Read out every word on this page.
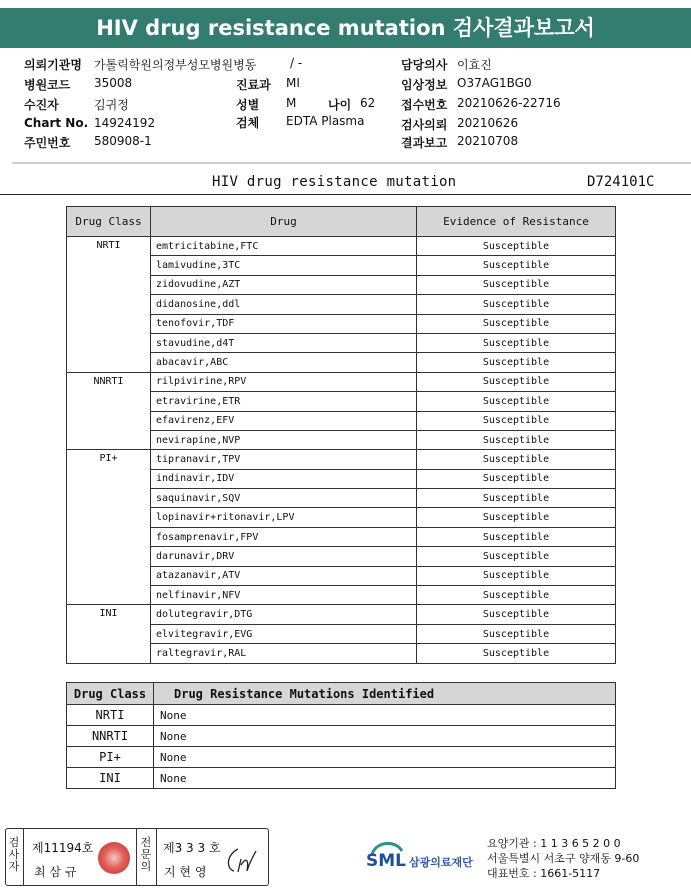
HIV drug resistance mutation 검사결과보고서
의뢰기관명 가톨릭학원의정부성모병원병동	/ -	담당의사 이효진
병원코드 35008	진료과 MI	임상정보 O37AG1BG0
수진자	김귀정	성별 M	나이 62 접수번호 20210626-22716
Chart No. 14924192	검체 EDTA Plasma	검사의뢰 20210626
주민번호 580908-1	결과보고 20210708
HIV drug resistance mutation	D724101C
Drug Class	Drug	Evidence of Resistance
NRTI	emtricitabine,FTC	Susceptible
	lamivudine,3TC	Susceptible
	zidovudine,AZT	Susceptible
	didanosine,ddl	Susceptible
	tenofovir,TDF	Susceptible
	stavudine,d4T	Susceptible
	abacavir,ABC	Susceptible
NNRTI	rilpivirine,RPV	Susceptible
	etravirine,ETR	Susceptible
	efavirenz,EFV	Susceptible
	nevirapine,NVP	Susceptible
PI+	tipranavir,TPV	Susceptible
	indinavir,IDV	Susceptible
	saquinavir,SQV	Susceptible
	lopinavir+ritonavir,LPV	Susceptible
	fosamprenavir,FPV	Susceptible
	darunavir,DRV	Susceptible
	atazanavir,ATV	Susceptible
	nelfinavir,NFV	Susceptible
INI	dolutegravir,DTG	Susceptible
	elvitegravir,EVG	Susceptible
	raltegravir,RAL	Susceptible
Drug Class	Drug Resistance Mutations Identified
NRTI	None
NNRTI	None
PI+	None
INI	None
검사자
제11194호
최 삼 규
전문의
제3 3 3 호
지 현 영
SML 삼광의료재단
요양기관 : 1 1 3 6 5 2 0 0
서울특별시 서초구 양재동 9-60
대표번호 : 1661-5117
